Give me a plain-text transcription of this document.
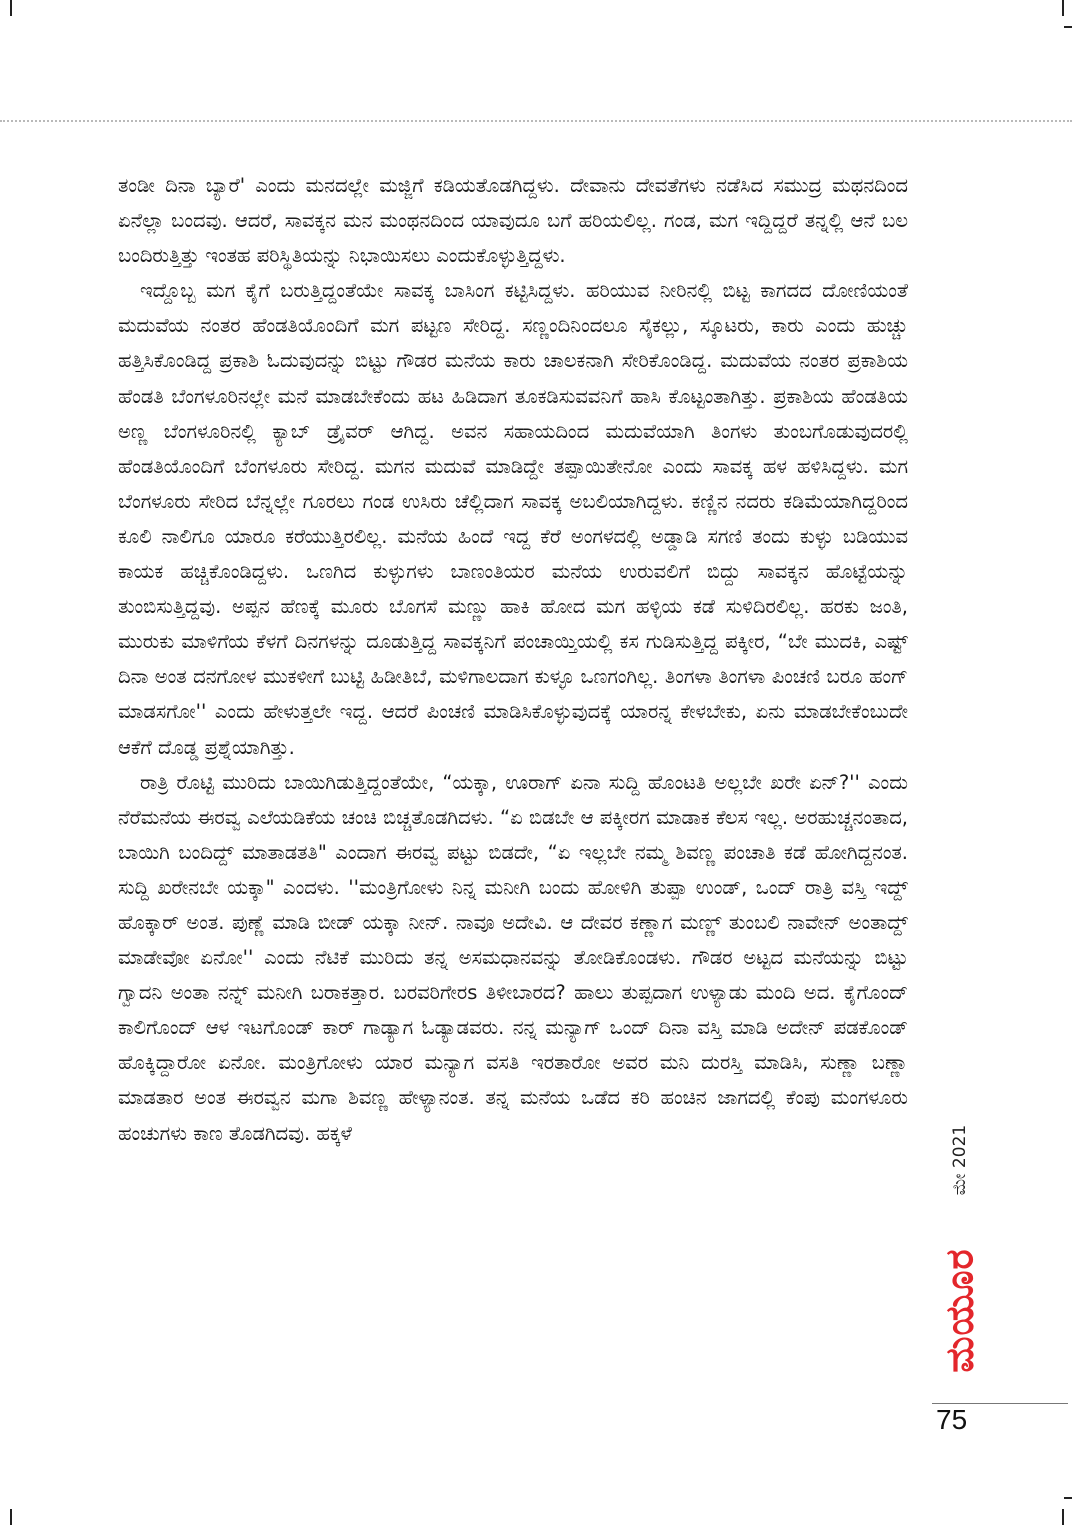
ತಂಡೀ ದಿನಾ ಬ್ಯಾರೆ' ಎಂದು ಮನದಲ್ಲೇ ಮಜ್ಜಿಗೆ ಕಡಿಯತೊಡಗಿದ್ದಳು. ದೇವಾನು ದೇವತೆಗಳು ನಡೆಸಿದ ಸಮುದ್ರ ಮಥನದಿಂದ ಏನೆಲ್ಲಾ ಬಂದವು. ಆದರೆ, ಸಾವಕ್ಕನ ಮನ ಮಂಥನದಿಂದ ಯಾವುದೂ ಬಗೆ ಹರಿಯಲಿಲ್ಲ. ಗಂಡ, ಮಗ ಇದ್ದಿದ್ದರೆ ತನ್ನಲ್ಲಿ ಆನೆ ಬಲ ಬಂದಿರುತ್ತಿತ್ತು ಇಂತಹ ಪರಿಸ್ಥಿತಿಯನ್ನು ನಿಭಾಯಿಸಲು ಎಂದುಕೊಳ್ಳುತ್ತಿದ್ದಳು.

ಇದ್ದೊಬ್ಬ ಮಗ ಕೈಗೆ ಬರುತ್ತಿದ್ದಂತೆಯೇ ಸಾವಕ್ಕ ಬಾಸಿಂಗ ಕಟ್ಟಿಸಿದ್ದಳು. ಹರಿಯುವ ನೀರಿನಲ್ಲಿ ಬಿಟ್ಟ ಕಾಗದದ ದೋಣಿಯಂತೆ ಮದುವೆಯ ನಂತರ ಹೆಂಡತಿಯೊಂದಿಗೆ ಮಗ ಪಟ್ಟಣ ಸೇರಿದ್ದ. ಸಣ್ಣಂದಿನಿಂದಲೂ ಸೈಕಲ್ಲು, ಸ್ಕೂಟರು, ಕಾರು ಎಂದು ಹುಚ್ಚು ಹತ್ತಿಸಿಕೊಂಡಿದ್ದ ಪ್ರಕಾಶಿ ಓದುವುದನ್ನು ಬಿಟ್ಟು ಗೌಡರ ಮನೆಯ ಕಾರು ಚಾಲಕನಾಗಿ ಸೇರಿಕೊಂಡಿದ್ದ. ಮದುವೆಯ ನಂತರ ಪ್ರಕಾಶಿಯ ಹೆಂಡತಿ ಬೆಂಗಳೂರಿನಲ್ಲೇ ಮನೆ ಮಾಡಬೇಕೆಂದು ಹಟ ಹಿಡಿದಾಗ ತೂಕಡಿಸುವವನಿಗೆ ಹಾಸಿ ಕೊಟ್ಟಂತಾಗಿತ್ತು. ಪ್ರಕಾಶಿಯ ಹೆಂಡತಿಯ ಅಣ್ಣ ಬೆಂಗಳೂರಿನಲ್ಲಿ ಕ್ಯಾಬ್ ಡ್ರೈವರ್ ಆಗಿದ್ದ. ಅವನ ಸಹಾಯದಿಂದ ಮದುವೆಯಾಗಿ ತಿಂಗಳು ತುಂಬಗೊಡುವುದರಲ್ಲಿ ಹೆಂಡತಿಯೊಂದಿಗೆ ಬೆಂಗಳೂರು ಸೇರಿದ್ದ. ಮಗನ ಮದುವೆ ಮಾಡಿದ್ದೇ ತಪ್ಪಾಯಿತೇನೋ ಎಂದು ಸಾವಕ್ಕ ಹಳ ಹಳಿಸಿದ್ದಳು. ಮಗ ಬೆಂಗಳೂರು ಸೇರಿದ ಬೆನ್ನಲ್ಲೇ ಗೂರಲು ಗಂಡ ಉಸಿರು ಚೆಲ್ಲಿದಾಗ ಸಾವಕ್ಕ ಅಬಲಿಯಾಗಿದ್ದಳು. ಕಣ್ಣಿನ ನದರು ಕಡಿಮೆಯಾಗಿದ್ದರಿಂದ ಕೂಲಿ ನಾಲಿಗೂ ಯಾರೂ ಕರೆಯುತ್ತಿರಲಿಲ್ಲ. ಮನೆಯ ಹಿಂದೆ ಇದ್ದ ಕೆರೆ ಅಂಗಳದಲ್ಲಿ ಅಡ್ಡಾಡಿ ಸಗಣಿ ತಂದು ಕುಳ್ಳು ಬಡಿಯುವ ಕಾಯಕ ಹಚ್ಚಿಕೊಂಡಿದ್ದಳು. ಒಣಗಿದ ಕುಳ್ಳುಗಳು ಬಾಣಂತಿಯರ ಮನೆಯ ಉರುವಲಿಗೆ ಬಿದ್ದು ಸಾವಕ್ಕನ ಹೊಟ್ಟೆಯನ್ನು ತುಂಬಿಸುತ್ತಿದ್ದವು. ಅಪ್ಪನ ಹೆಣಕ್ಕೆ ಮೂರು ಬೊಗಸೆ ಮಣ್ಣು ಹಾಕಿ ಹೋದ ಮಗ ಹಳ್ಳಿಯ ಕಡೆ ಸುಳಿದಿರಲಿಲ್ಲ. ಹರಕು ಜಂತಿ, ಮುರುಕು ಮಾಳಿಗೆಯ ಕೆಳಗೆ ದಿನಗಳನ್ನು ದೂಡುತ್ತಿದ್ದ ಸಾವಕ್ಕನಿಗೆ ಪಂಚಾಯ್ತಿಯಲ್ಲಿ ಕಸ ಗುಡಿಸುತ್ತಿದ್ದ ಪಕ್ಕೀರ, “ಬೇ ಮುದಕಿ, ಎಷ್ಟ್ ದಿನಾ ಅಂತ ದನಗೋಳ ಮುಕಳೀಗೆ ಬುಟ್ಟಿ ಹಿಡೀತಿಬೆ, ಮಳಿಗಾಲದಾಗ ಕುಳ್ಳೂ ಒಣಗಂಗಿಲ್ಲ. ತಿಂಗಳಾ ತಿಂಗಳಾ ಪಿಂಚಣಿ ಬರೂ ಹಂಗ್ ಮಾಡಸಗೋ'' ಎಂದು ಹೇಳುತ್ತಲೇ ಇದ್ದ. ಆದರೆ ಪಿಂಚಣಿ ಮಾಡಿಸಿಕೊಳ್ಳುವುದಕ್ಕೆ ಯಾರನ್ನ ಕೇಳಬೇಕು, ಏನು ಮಾಡಬೇಕೆಂಬುದೇ ಆಕೆಗೆ ದೊಡ್ಡ ಪ್ರಶ್ನೆಯಾಗಿತ್ತು.

ರಾತ್ರಿ ರೊಟ್ಟಿ ಮುರಿದು ಬಾಯಿಗಿಡುತ್ತಿದ್ದಂತೆಯೇ, “ಯಕ್ಕಾ, ಊರಾಗ್ ಏನಾ ಸುದ್ದಿ ಹೊಂಟತಿ ಅಲ್ಲಬೇ ಖರೇ ಏನ್?'' ಎಂದು ನೆರೆಮನೆಯ ಈರವ್ವ ಎಲೆಯಡಿಕೆಯ ಚಂಚಿ ಬಿಚ್ಚತೊಡಗಿದಳು. “ಏ ಬಿಡಬೇ ಆ ಪಕ್ಕೀರಗ ಮಾಡಾಕ ಕೆಲಸ ಇಲ್ಲ. ಅರಹುಚ್ಚನಂತಾದ, ಬಾಯಿಗಿ ಬಂದಿದ್ದ್ ಮಾತಾಡತತಿ" ಎಂದಾಗ ಈರವ್ವ ಪಟ್ಟು ಬಿಡದೇ, “ಏ ಇಲ್ಲಬೇ ನಮ್ಮ ಶಿವಣ್ಣ ಪಂಚಾತಿ ಕಡೆ ಹೋಗಿದ್ದನಂತ. ಸುದ್ದಿ ಖರೇನಬೇ ಯಕ್ಕಾ" ಎಂದಳು. ''ಮಂತ್ರಿಗೋಳು ನಿನ್ನ ಮನೀಗಿ ಬಂದು ಹೋಳಿಗಿ ತುಪ್ಪಾ ಉಂಡ್, ಒಂದ್ ರಾತ್ರಿ ವಸ್ತಿ ಇದ್ದ್ ಹೊಕ್ಕಾರ್ ಅಂತ. ಪುಣ್ಣೆ ಮಾಡಿ ಬೀಡ್ ಯಕ್ಕಾ ನೀನ್. ನಾವೂ ಅದೇವಿ. ಆ ದೇವರ ಕಣ್ಣಾಗ ಮಣ್ಣ್ ತುಂಬಲಿ ನಾವೇನ್ ಅಂತಾದ್ದ್ ಮಾಡೇವೋ ಏನೋ'' ಎಂದು ನೆಟಿಕೆ ಮುರಿದು ತನ್ನ ಅಸಮಧಾನವನ್ನು ತೋಡಿಕೊಂಡಳು. ಗೌಡರ ಅಟ್ಟದ ಮನೆಯನ್ನು ಬಿಟ್ಟು ಗ್ವಾದನಿ ಅಂತಾ ನನ್ನ್ ಮನೀಗಿ ಬರಾಕತ್ತಾರ. ಬರವರಿಗೇರs ತಿಳೀಬಾರದ? ಹಾಲು ತುಪ್ಪದಾಗ ಉಳ್ಯಾಡು ಮಂದಿ ಅದ. ಕೈಗೊಂದ್ ಕಾಲಿಗೊಂದ್ ಆಳ ಇಟಗೊಂಡ್ ಕಾರ್ ಗಾಡ್ಯಾಗ ಓಡ್ಯಾಡವರು. ನನ್ನ ಮನ್ಯಾಗ್ ಒಂದ್ ದಿನಾ ವಸ್ತಿ ಮಾಡಿ ಅದೇನ್ ಪಡಕೊಂಡ್ ಹೊಕ್ಕಿದ್ದಾರೋ ಏನೋ. ಮಂತ್ರಿಗೋಳು ಯಾರ ಮನ್ಯಾಗ ವಸತಿ ಇರತಾರೋ ಅವರ ಮನಿ ದುರಸ್ತಿ ಮಾಡಿಸಿ, ಸುಣ್ಣಾ ಬಣ್ಣಾ ಮಾಡತಾರ ಅಂತ ಈರವ್ವನ ಮಗಾ ಶಿವಣ್ಣ ಹೇಳ್ಯಾನಂತ. ತನ್ನ ಮನೆಯ ಒಡೆದ ಕರಿ ಹಂಚಿನ ಜಾಗದಲ್ಲಿ ಕೆಂಪು ಮಂಗಳೂರು ಹಂಚುಗಳು ಕಾಣ ತೊಡಗಿದವು. ಹಕ್ಕಳೆ	ಮೇ 2021
ಮಯೂರ
75
